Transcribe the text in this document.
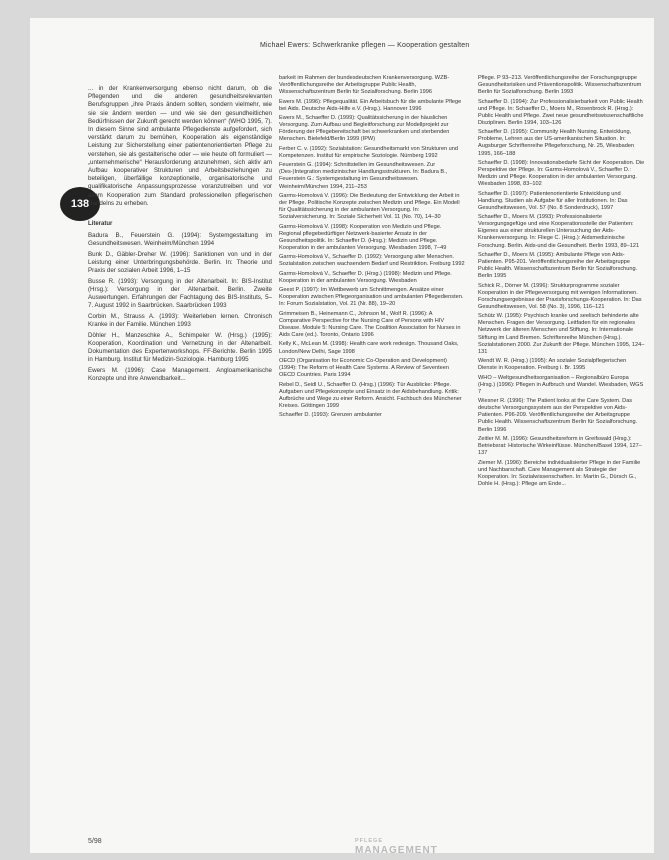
Michael Ewers: Schwerkranke pflegen — Kooperation gestalten
138
... in der Krankenversorgung ebenso nicht darum, ob die Pflegenden und die anderen gesundheitsrelevanten Berufsgruppen „ihre Praxis ändern sollten, sondern vielmehr, wie sie sie ändern werden — und wie sie den gesundheitlichen Bedürfnissen der Zukunft gerecht werden können“ (WHO 1995, 7). In diesem Sinne sind ambulante Pflegedienste aufgefordert, sich verstärkt darum zu bemühen, Kooperation als eigenständige Leistung zur Sicherstellung einer patientenorientierten Pflege zu verstehen, sie als gestalterische oder — wie heute oft formuliert — „unternehmerische“ Herausforderung anzunehmen, sich aktiv am Aufbau kooperativer Strukturen und Arbeitsbeziehungen zu beteiligen, überfällige konzeptionelle, organisatorische und qualifikatorische Anpassungsprozesse voranzutreiben und vor allem Kooperation zum Standard professionellen pflegerischen Handelns zu erheben.
Literatur
Badura B., Feuerstein G. (1994): Systemgestaltung im Gesundheitswesen. Weinheim/München 1994
Bunk D., Gäbler-Dreher W. (1996): Sanktionen von und in der Leistung einer Unterbringungsbehörde. Berlin. In: Theorie und Praxis der sozialen Arbeit 1996, 1–15
Busse R. (1993): Versorgung in der Altenarbeit. In: BIS-Institut (Hrsg.): Versorgung in der Altenarbeit. Berlin. Zweite Auswertungen. Erfahrungen der Fachtagung des BIS-Instituts, 5–7. August 1992 in Saarbrücken. Saarbrücken 1993
Corbin M., Strauss A. (1993): Weiterleben lernen. Chronisch Kranke in der Familie. München 1993
Döhler H., Manzeschke A., Schimpeler W. (Hrsg.) (1995): Kooperation, Koordination und Vernetzung in der Altenarbeit. Dokumentation des Expertenworkshops. FF-Berichte. Berlin 1995 in Hamburg. Institut für Medizin-Soziologie. Hamburg 1995
Ewers M. (1996): Case Management. Angloamerikanische Konzepte und ihre Anwendbarkeit...
barkeit im Rahmen der bundesdeutschen Krankenversorgung. WZB-Veröffentlichungsreihe der Arbeitsgruppe Public Health, Wissenschaftszentrum Berlin für Sozialforschung. Berlin 1996
Ewers M. (1996): Pflegequalität. Ein Arbeitsbuch für die ambulante Pflege bei Aids. Deutsche Aids-Hilfe e.V. (Hrsg.). Hannover 1996
Ewers M., Schaeffer D. (1999): Qualitätssicherung in der häuslichen Versorgung. Zum Aufbau und Begleitforschung zur Modellprojekt zur Förderung der Pflegebereitschaft bei schwerkranken und sterbenden Menschen. Bielefeld/Berlin 1999 (IPW)
Ferber C. v. (1992): Sozialstation: Gesundheitsmarkt von Strukturen und Kompetenzen. Institut für empirische Soziologie. Nürnberg 1992
Feuerstein G. (1994): Schnittstellen im Gesundheitswesen. Zur (Des-)Integration medizinischer Handlungsstrukturen. In: Badura B., Feuerstein G.: Systemgestaltung im Gesundheitswesen. Weinheim/München 1994, 211–253
Garms-Homolová V. (1996): Die Bedeutung der Entwicklung der Arbeit in der Pflege. Politische Konzepte zwischen Medizin und Pflege. Ein Modell für Qualitätssicherung in der ambulanten Versorgung. In: Sozialversicherung. In: Soziale Sicherheit Vol. 11 (No. 70), 14–30
Garms-Homolová V. (1998): Kooperation von Medizin und Pflege. Regional pflegebedürftiger Netzwerk-basierter Ansatz in der Gesundheitspolitik. In: Schaeffer D. (Hrsg.): Medizin und Pflege. Kooperation in der ambulanten Versorgung. Wiesbaden 1998, 7–49
Garms-Homolová V., Schaeffer D. (1992): Versorgung alter Menschen. Sozialstation zwischen wachsendem Bedarf und Restriktion. Freiburg 1992
Garms-Homolová V., Schaeffer D. (Hrsg.) (1998): Medizin und Pflege. Kooperation in der ambulanten Versorgung. Wiesbaden
Geest P. (1997): Im Wettbewerb um Schnittmengen. Ansätze einer Kooperation zwischen Pflegeorganisation und ambulanten Pflegediensten. In: Forum Sozialstation, Vol. 21 (Nr. 88), 19–20
Grimmeisen B., Heinemann C., Johnson M., Wolf R. (1996): A Comparative Perspective for the Nursing Care of Persons with HIV Disease. Module 5: Nursing Care. The Coalition Association for Nurses in Aids Care (ed.). Toronto, Ontario 1996
Kelly K., McLean M. (1998): Health care work redesign. Thousand Oaks, London/New Delhi, Sage 1998
OECD (Organisation for Economic Co-Operation and Development) (1994): The Reform of Health Care Systems. A Review of Seventeen OECD Countries. Paris 1994
Rebel D., Seidl U., Schaeffer D. (Hrsg.) (1996): Tür Ausblicke: Pflege. Aufgaben und Pflegekonzepte und Einsatz in der Aidsbehandlung. Kritik: Aufbrüche und Wege zu einer Reform. Ansicht. Fachbuch des Münchener Kreises. Göttingen 1999
Schaeffer D. (1993): Grenzen ambulanter
Pflege. P 93–213. Veröffentlichungsreihe der Forschungsgruppe Gesundheitsrisiken und Präventionspolitik. Wissenschaftszentrum Berlin für Sozialforschung. Berlin 1993
Schaeffer D. (1994): Zur Professionalisierbarkeit von Public Health und Pflege. In: Schaeffer D., Moers M., Rosenbrock R. (Hrsg.): Public Health und Pflege. Zwei neue gesundheitswissenschaftliche Disziplinen. Berlin 1994, 103–126
Schaeffer D. (1995): Community Health Nursing. Entwicklung, Probleme, Lehren aus der US-amerikanischen Situation. In: Augsburger Schriftenreihe Pflegeforschung, Nr. 25, Wiesbaden 1995, 166–188
Schaeffer D. (1998): Innovationsbedarfe Sicht der Kooperation. Die Perspektive der Pflege. In: Garms-Homolová V., Schaeffer D.: Medizin und Pflege. Kooperation in der ambulanten Versorgung. Wiesbaden 1998, 83–102
Schaeffer D. (1997): Patientenorientierte Entwicklung und Handlung. Studien als Aufgabe für aller Institutionen. In: Das Gesundheitswesen, Vol. 57 (No. 8 Sonderdruck), 1997
Schaeffer D., Moers M. (1993): Professionalisierte Versorgungsgefüge und eine Kooperationsstelle der Patienten: Eigenes aus einer strukturellen Untersuchung der Aids-Krankenversorgung. In: Fliege C. (Hrsg.): Aidsmedizinische Forschung. Berlin. Aids-und die Gesundheit. Berlin 1993, 89–121
Schaeffer D., Moers M. (1995): Ambulante Pflege von Aids-Patienten. P95-201. Veröffentlichungsreihe der Arbeitsgruppe Public Health. Wissenschaftszentrum Berlin für Sozialforschung. Berlin 1995
Schick R., Dörner M. (1996): Strukturprogramme sozialer Kooperation in der Pflegeversorgung mit wenigen Informationen. Forschungsergebnisse der Praxisforschungs-Kooperation. In: Das Gesundheitswesen, Vol. 58 (No. 3), 1996, 116–121
Schütz W. (1995): Psychisch kranke und seelisch behinderte alte Menschen. Fragen der Versorgung. Leitfaden für ein regionales Netzwerk der älteren Menschen und Stiftung. In: Internationale Stiftung im Land Bremen. Schriftenreihe München (Hrsg.). Sozialstationen 2000. Zur Zukunft der Pflege. München 1995, 124–131
Wendt W. R. (Hrsg.) (1995): An sozialer Sozialpflegerischen Dienste in Kooperation. Freiburg i. Br. 1995
WHO – Weltgesundheitsorganisation – Regionalbüro Europa (Hrsg.) (1996): Pflegen in Aufbruch und Wandel. Wiesbaden, WGS 7
Wiesner R. (1996): The Patient looks at the Care System. Das deutsche Versorgungssystem aus der Perspektive von Aids-Patienten. P96-209. Veröffentlichungsreihe der Arbeitsgruppe Public Health. Wissenschaftszentrum Berlin für Sozialforschung. Berlin 1996
Zeitler M. M. (1996): Gesundheitsreform in Greifswald (Hrsg.): Betriebsrat: Historische Wirkeinflüsse. München/Basel 1994, 127–137
Ziemer M. (1996): Bereiche individualisierter Pflege in der Familie und Nachbarschaft. Care Management als Strategie der Kooperation. In: Sozialwissenschaften. In: Martin G., Dürsch G., Dohle H. (Hrsg.): Pflege am Ende...
5/98	PFLEGE
MANAGEMENT
